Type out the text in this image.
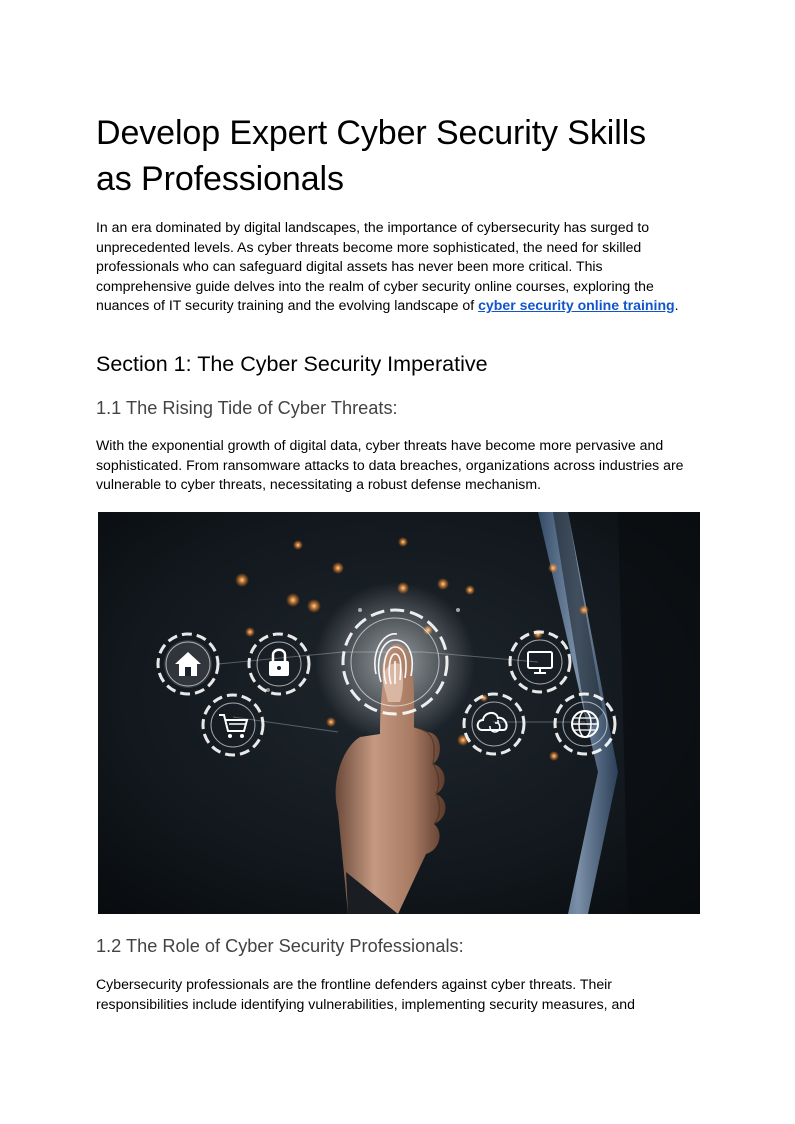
Develop Expert Cyber Security Skills
as Professionals

In an era dominated by digital landscapes, the importance of cybersecurity has surged to unprecedented levels. As cyber threats become more sophisticated, the need for skilled professionals who can safeguard digital assets has never been more critical. This comprehensive guide delves into the realm of cyber security online courses, exploring the nuances of IT security training and the evolving landscape of cyber security online training.

Section 1: The Cyber Security Imperative
1.1 The Rising Tide of Cyber Threats:

With the exponential growth of digital data, cyber threats have become more pervasive and sophisticated. From ransomware attacks to data breaches, organizations across industries are vulnerable to cyber threats, necessitating a robust defense mechanism.

1.2 The Role of Cyber Security Professionals:

Cybersecurity professionals are the frontline defenders against cyber threats. Their responsibilities include identifying vulnerabilities, implementing security measures, and
